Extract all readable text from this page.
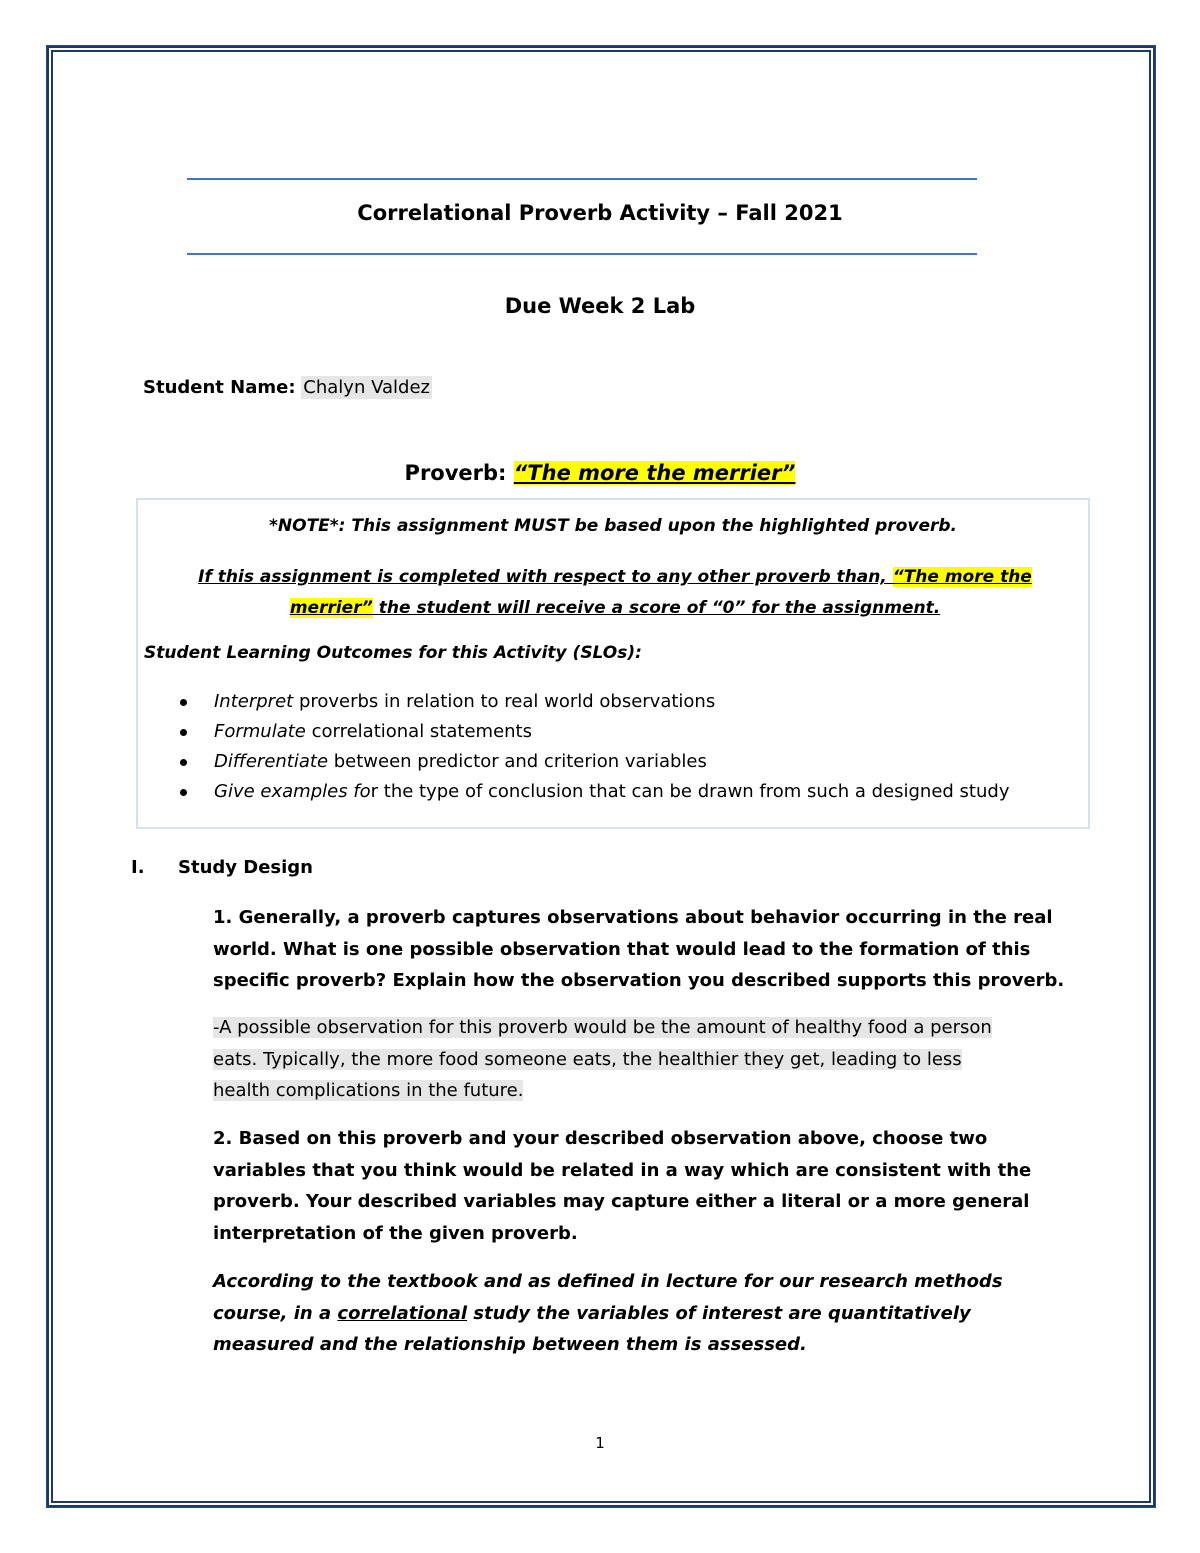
Correlational Proverb Activity – Fall 2021
Due Week 2 Lab
Student Name: Chalyn Valdez
Proverb: “The more the merrier”
*NOTE*: This assignment MUST be based upon the highlighted proverb.
If this assignment is completed with respect to any other proverb than, “The more the merrier” the student will receive a score of “0” for the assignment.
Student Learning Outcomes for this Activity (SLOs):
Interpret proverbs in relation to real world observations
Formulate correlational statements
Differentiate between predictor and criterion variables
Give examples for the type of conclusion that can be drawn from such a designed study
I. Study Design
1. Generally, a proverb captures observations about behavior occurring in the real world. What is one possible observation that would lead to the formation of this specific proverb? Explain how the observation you described supports this proverb.
-A possible observation for this proverb would be the amount of healthy food a person
eats. Typically, the more food someone eats, the healthier they get, leading to less
health complications in the future.
2. Based on this proverb and your described observation above, choose two variables that you think would be related in a way which are consistent with the proverb. Your described variables may capture either a literal or a more general interpretation of the given proverb.
According to the textbook and as defined in lecture for our research methods course, in a correlational study the variables of interest are quantitatively measured and the relationship between them is assessed.
1
